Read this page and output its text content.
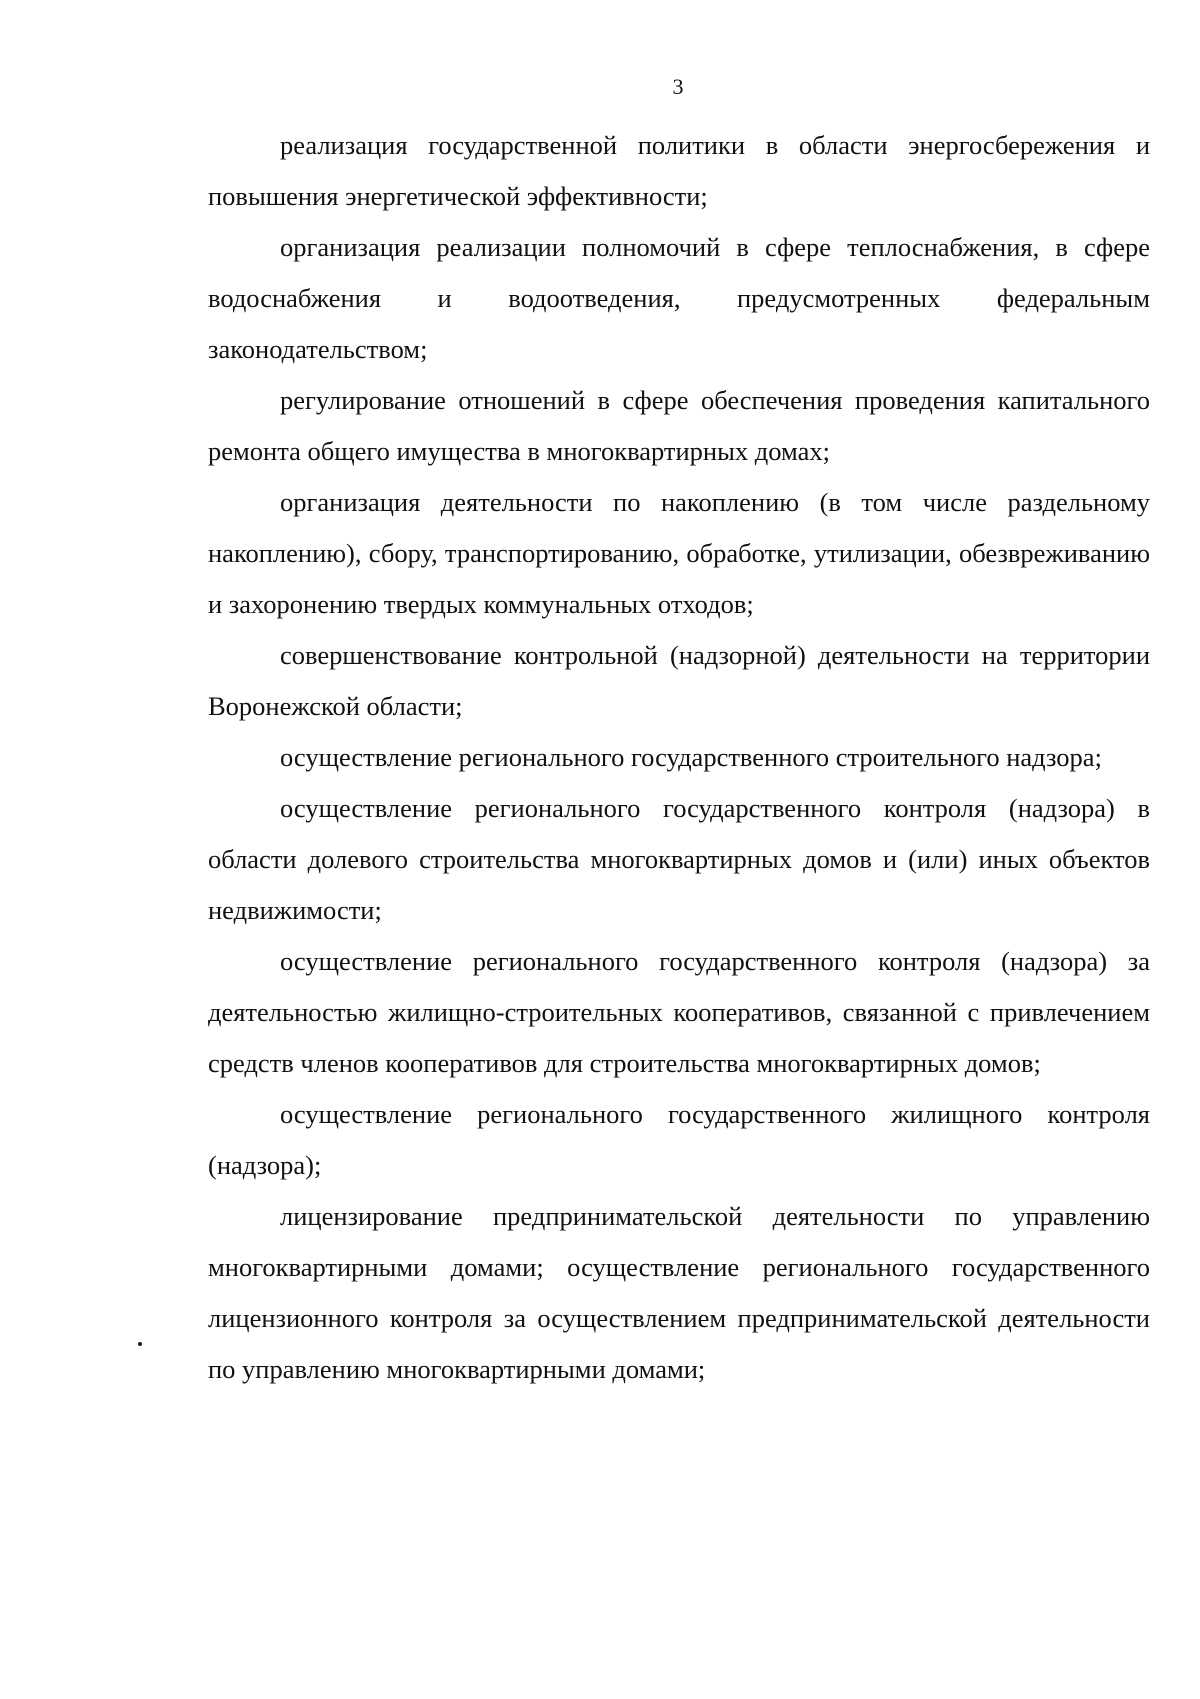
3

реализация государственной политики в области энергосбережения и повышения энергетической эффективности;

организация реализации полномочий в сфере теплоснабжения, в сфере водоснабжения и водоотведения, предусмотренных федеральным законодательством;

регулирование отношений в сфере обеспечения проведения капитального ремонта общего имущества в многоквартирных домах;

организация деятельности по накоплению (в том числе раздельному накоплению), сбору, транспортированию, обработке, утилизации, обезвреживанию и захоронению твердых коммунальных отходов;

совершенствование контрольной (надзорной) деятельности на территории Воронежской области;

осуществление регионального государственного строительного надзора;

осуществление регионального государственного контроля (надзора) в области долевого строительства многоквартирных домов и (или) иных объектов недвижимости;

осуществление регионального государственного контроля (надзора) за деятельностью жилищно-строительных кооперативов, связанной с привлечением средств членов кооперативов для строительства многоквартирных домов;

осуществление регионального государственного жилищного контроля (надзора);

лицензирование предпринимательской деятельности по управлению многоквартирными домами; осуществление регионального государственного лицензионного контроля за осуществлением предпринимательской деятельности по управлению многоквартирными домами;
